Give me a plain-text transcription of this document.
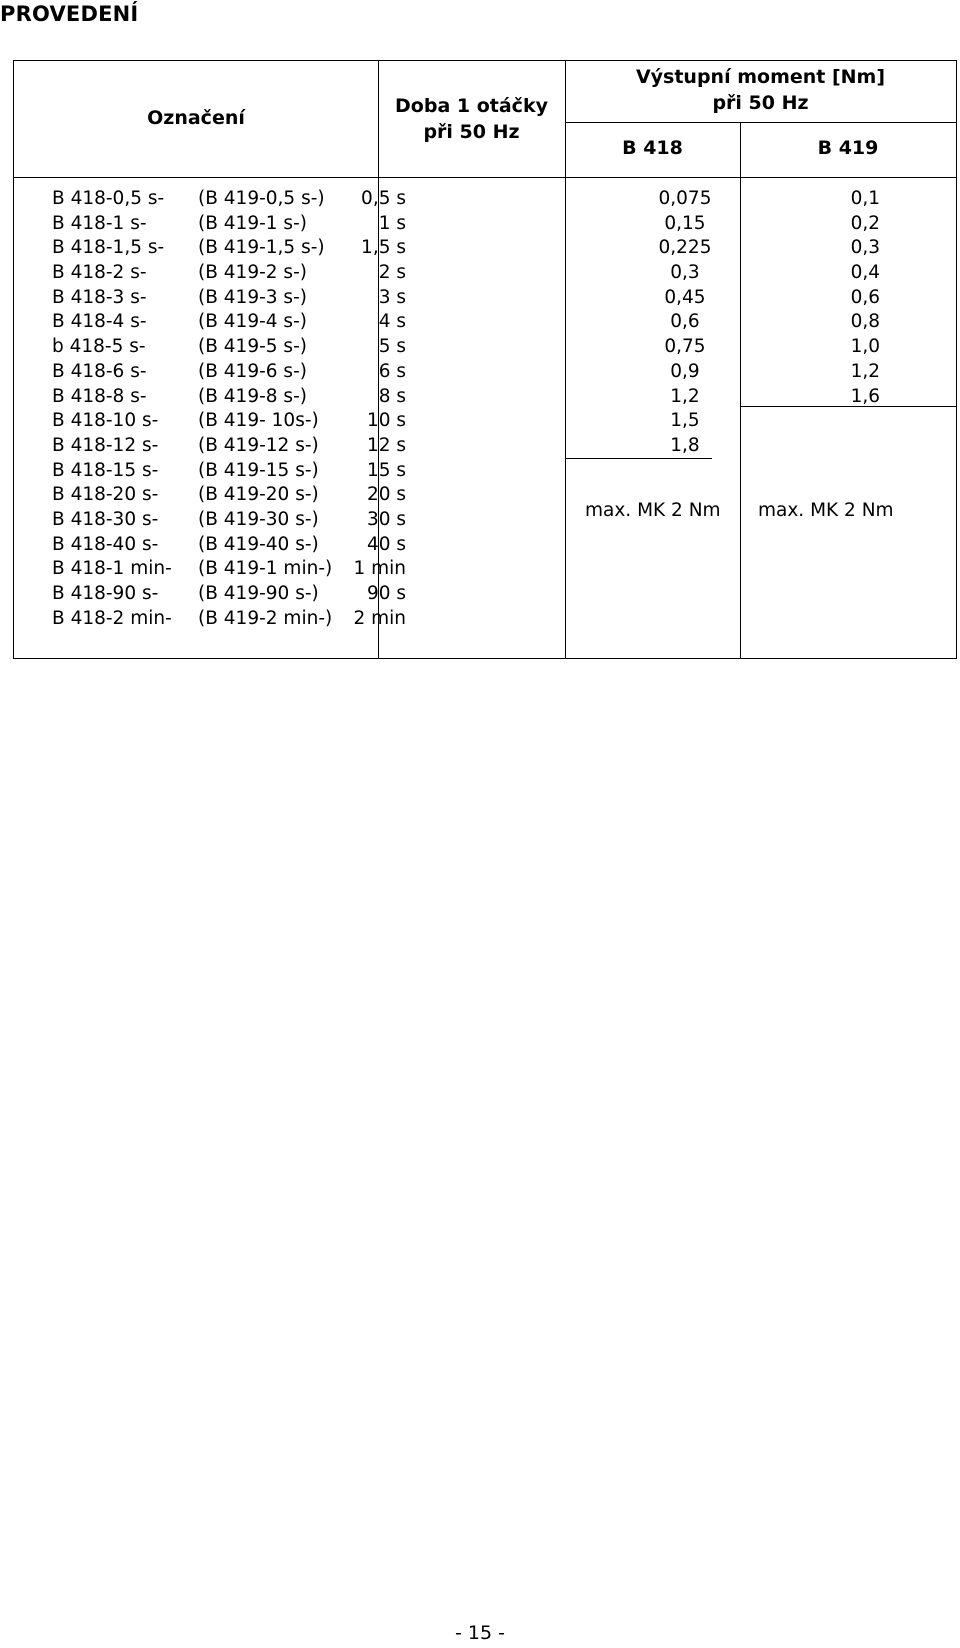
PROVEDENÍ
Označení
Doba 1 otáčky
při 50 Hz
Výstupní moment [Nm]
při 50 Hz
B 418	B 419
B 418-0,5 s- (B 419-0,5 s-) 0,5 s	0,075	0,1
B 418-1 s-	(B 419-1 s-)	1 s	0,15	0,2
B 418-1,5 s- (B 419-1,5 s-) 1,5 s	0,225	0,3
B 418-2 s-	(B 419-2 s-)	2 s	0,3	0,4
B 418-3 s-	(B 419-3 s-)	3 s	0,45	0,6
B 418-4 s-	(B 419-4 s-)	4 s	0,6	0,8
b 418-5 s-	(B 419-5 s-)	5 s	0,75	1,0
B 418-6 s-	(B 419-6 s-)	6 s	0,9	1,2
B 418-8 s-	(B 419-8 s-)	8 s	1,2	1,6
B 418-10 s- (B 419- 10s-)	10 s	1,5
B 418-12 s- (B 419-12 s-)	12 s	1,8
B 418-15 s- (B 419-15 s-)	15 s
B 418-20 s- (B 419-20 s-)	20 s
B 418-30 s- (B 419-30 s-)	30 s
B 418-40 s- (B 419-40 s-)	40 s
B 418-1 min- (B 419-1 min-) 1 min
B 418-90 s- (B 419-90 s-)	90 s
B 418-2 min- (B 419-2 min-) 2 min
max. MK 2 Nm max. MK 2 Nm
- 15 -
